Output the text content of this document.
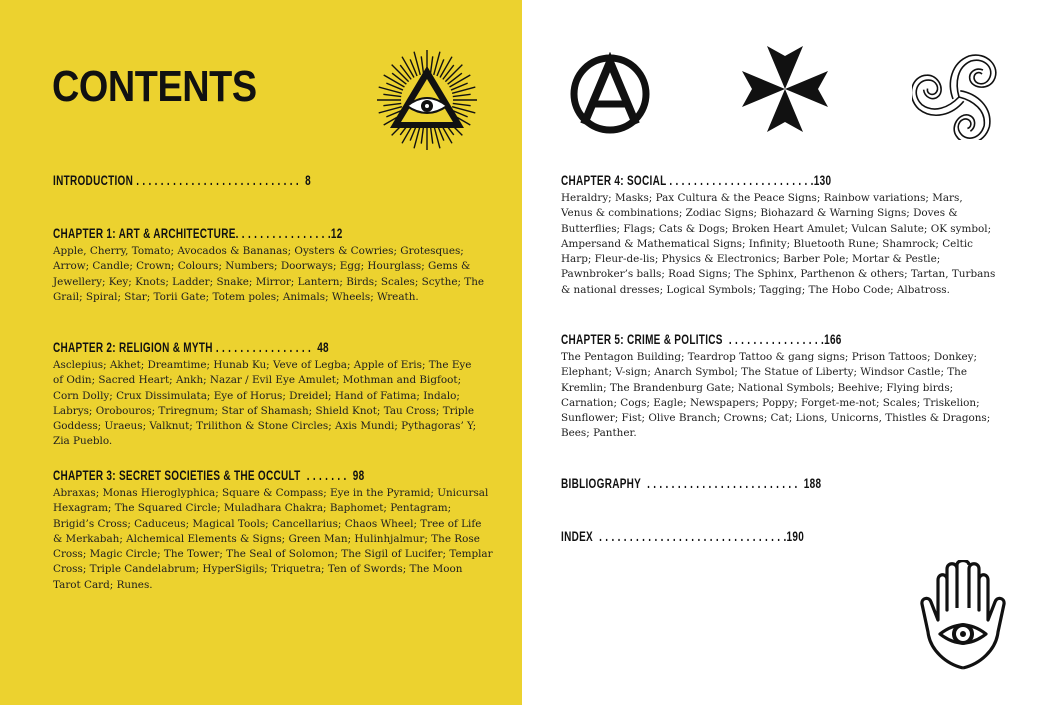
CONTENTS
INTRODUCTION . . . . . . . . . . . . . . . . . . . . . . . . . . .  8
CHAPTER 1: ART & ARCHITECTURE. . . . . . . . . . . . . . . .12
Apple, Cherry, Tomato; Avocados & Bananas; Oysters & Cowries; Grotesques; Arrow; Candle; Crown; Colours; Numbers; Doorways; Egg; Hourglass; Gems & Jewellery; Key; Knots; Ladder; Snake; Mirror; Lantern; Birds; Scales; Scythe; The Grail; Spiral; Star; Torii Gate; Totem poles; Animals; Wheels; Wreath.
CHAPTER 2: RELIGION & MYTH . . . . . . . . . . . . . . . .  48
Asclepius; Akhet; Dreamtime; Hunab Ku; Veve of Legba; Apple of Eris; The Eye of Odin; Sacred Heart; Ankh; Nazar / Evil Eye Amulet; Mothman and Bigfoot; Corn Dolly; Crux Dissimulata; Eye of Horus; Dreidel; Hand of Fatima; Indalo; Labrys; Orobouros; Triregnum; Star of Shamash; Shield Knot; Tau Cross; Triple Goddess; Uraeus; Valknut; Trilithon & Stone Circles; Axis Mundi; Pythagoras’ Y; Zia Pueblo.
CHAPTER 3: SECRET SOCIETIES & THE OCCULT  . . . . . . .  98
Abraxas; Monas Hieroglyphica; Square & Compass; Eye in the Pyramid; Unicursal Hexagram; The Squared Circle; Muladhara Chakra; Baphomet; Pentagram; Brigid’s Cross; Caduceus; Magical Tools; Cancellarius; Chaos Wheel; Tree of Life & Merkabah; Alchemical Elements & Signs; Green Man; Hulinhjalmur; The Rose Cross; Magic Circle; The Tower; The Seal of Solomon; The Sigil of Lucifer; Templar Cross; Triple Candelabrum; HyperSigils; Triquetra; Ten of Swords; The Moon Tarot Card; Runes.
CHAPTER 4: SOCIAL . . . . . . . . . . . . . . . . . . . . . . . .130
Heraldry; Masks; Pax Cultura & the Peace Signs; Rainbow variations; Mars, Venus & combinations; Zodiac Signs; Biohazard & Warning Signs; Doves & Butterflies; Flags; Cats & Dogs; Broken Heart Amulet; Vulcan Salute; OK symbol; Ampersand & Mathematical Signs; Infinity; Bluetooth Rune; Shamrock; Celtic Harp; Fleur-de-lis; Physics & Electronics; Barber Pole; Mortar & Pestle; Pawnbroker’s balls; Road Signs; The Sphinx, Parthenon & others; Tartan, Turbans & national dresses; Logical Symbols; Tagging; The Hobo Code; Albatross.
CHAPTER 5: CRIME & POLITICS  . . . . . . . . . . . . . . . .166
The Pentagon Building; Teardrop Tattoo & gang signs; Prison Tattoos; Donkey; Elephant; V-sign; Anarch Symbol; The Statue of Liberty; Windsor Castle; The Kremlin; The Brandenburg Gate; National Symbols; Beehive; Flying birds; Carnation; Cogs; Eagle; Newspapers; Poppy; Forget-me-not; Scales; Triskelion; Sunflower; Fist; Olive Branch; Crowns; Cat; Lions, Unicorns, Thistles & Dragons; Bees; Panther.
BIBLIOGRAPHY  . . . . . . . . . . . . . . . . . . . . . . . . .  188
INDEX  . . . . . . . . . . . . . . . . . . . . . . . . . . . . . . .190
